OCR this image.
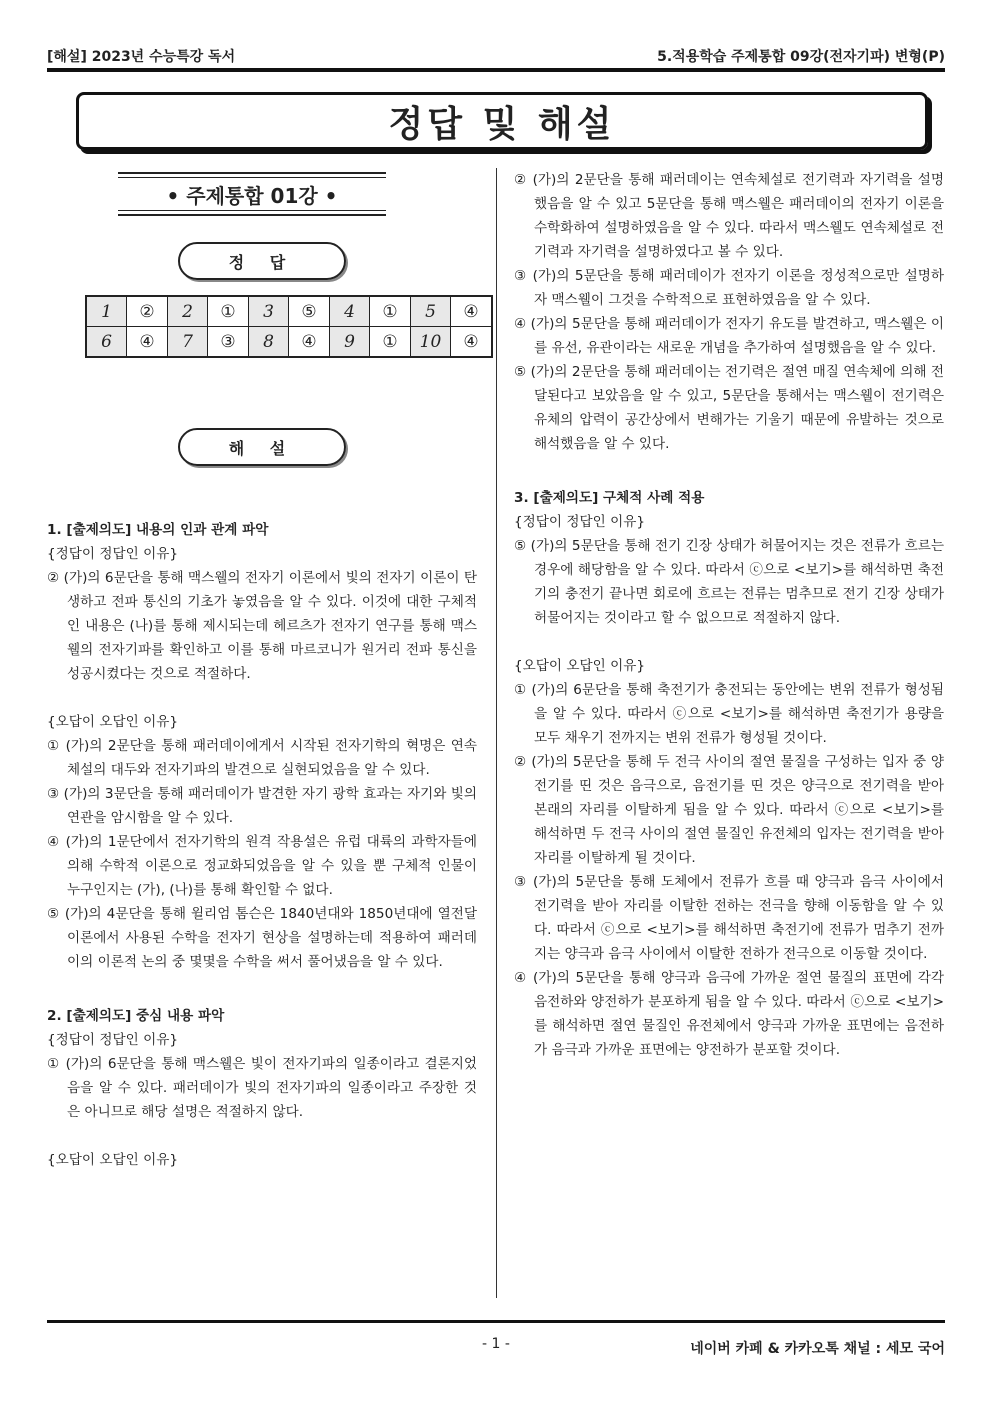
[해설] 2023년 수능특강 독서	5.적용학습 주제통합 09강(전자기파) 변형(P)
정답 및 해설
• 주제통합 01강 •
정 답
1	②	2	①	3	⑤	4	①	5	④
6	④	7	③	8	④	9	①	10	④
해 설

1. [출제의도] 내용의 인과 관계 파악

{정답이 정답인 이유}

② (가)의 6문단을 통해 맥스웰의 전자기 이론에서 빛의 전자기 이론이 탄생하고 전파 통신의 기초가 놓였음을 알 수 있다. 이것에 대한 구체적인 내용은 (나)를 통해 제시되는데 헤르츠가 전자기 연구를 통해 맥스웰의 전자기파를 확인하고 이를 통해 마르코니가 원거리 전파 통신을 성공시켰다는 것으로 적절하다.

{오답이 오답인 이유}

① (가)의 2문단을 통해 패러데이에게서 시작된 전자기학의 혁명은 연속체설의 대두와 전자기파의 발견으로 실현되었음을 알 수 있다.

③ (가)의 3문단을 통해 패러데이가 발견한 자기 광학 효과는 자기와 빛의 연관을 암시함을 알 수 있다.

④ (가)의 1문단에서 전자기학의 원격 작용설은 유럽 대륙의 과학자들에 의해 수학적 이론으로 정교화되었음을 알 수 있을 뿐 구체적 인물이 누구인지는 (가), (나)를 통해 확인할 수 없다.

⑤ (가)의 4문단을 통해 윌리엄 톰슨은 1840년대와 1850년대에 열전달 이론에서 사용된 수학을 전자기 현상을 설명하는데 적용하여 패러데이의 이론적 논의 중 몇몇을 수학을 써서 풀어냈음을 알 수 있다.

2. [출제의도] 중심 내용 파악

{정답이 정답인 이유}

① (가)의 6문단을 통해 맥스웰은 빛이 전자기파의 일종이라고 결론지었음을 알 수 있다. 패러데이가 빛의 전자기파의 일종이라고 주장한 것은 아니므로 해당 설명은 적절하지 않다.

{오답이 오답인 이유}

② (가)의 2문단을 통해 패러데이는 연속체설로 전기력과 자기력을 설명했음을 알 수 있고 5문단을 통해 맥스웰은 패러데이의 전자기 이론을 수학화하여 설명하였음을 알 수 있다. 따라서 맥스웰도 연속체설로 전기력과 자기력을 설명하였다고 볼 수 있다.

③ (가)의 5문단을 통해 패러데이가 전자기 이론을 정성적으로만 설명하자 맥스웰이 그것을 수학적으로 표현하였음을 알 수 있다.

④ (가)의 5문단을 통해 패러데이가 전자기 유도를 발견하고, 맥스웰은 이를 유선, 유관이라는 새로운 개념을 추가하여 설명했음을 알 수 있다.

⑤ (가)의 2문단을 통해 패러데이는 전기력은 절연 매질 연속체에 의해 전달된다고 보았음을 알 수 있고, 5문단을 통해서는 맥스웰이 전기력은 유체의 압력이 공간상에서 변해가는 기울기 때문에 유발하는 것으로 해석했음을 알 수 있다.

3. [출제의도] 구체적 사례 적용

{정답이 정답인 이유}

⑤ (가)의 5문단을 통해 전기 긴장 상태가 허물어지는 것은 전류가 흐르는 경우에 해당함을 알 수 있다. 따라서 ⓒ으로 <보기>를 해석하면 축전기의 충전기 끝나면 회로에 흐르는 전류는 멈추므로 전기 긴장 상태가 허물어지는 것이라고 할 수 없으므로 적절하지 않다.

{오답이 오답인 이유}

① (가)의 6문단을 통해 축전기가 충전되는 동안에는 변위 전류가 형성됨을 알 수 있다. 따라서 ⓒ으로 <보기>를 해석하면 축전기가 용량을 모두 채우기 전까지는 변위 전류가 형성될 것이다.

② (가)의 5문단을 통해 두 전극 사이의 절연 물질을 구성하는 입자 중 양전기를 띤 것은 음극으로, 음전기를 띤 것은 양극으로 전기력을 받아 본래의 자리를 이탈하게 됨을 알 수 있다. 따라서 ⓒ으로 <보기>를 해석하면 두 전극 사이의 절연 물질인 유전체의 입자는 전기력을 받아 자리를 이탈하게 될 것이다.

③ (가)의 5문단을 통해 도체에서 전류가 흐를 때 양극과 음극 사이에서 전기력을 받아 자리를 이탈한 전하는 전극을 향해 이동함을 알 수 있다. 따라서 ⓒ으로 <보기>를 해석하면 축전기에 전류가 멈추기 전까지는 양극과 음극 사이에서 이탈한 전하가 전극으로 이동할 것이다.

④ (가)의 5문단을 통해 양극과 음극에 가까운 절연 물질의 표면에 각각 음전하와 양전하가 분포하게 됨을 알 수 있다. 따라서 ⓒ으로 <보기>를 해석하면 절연 물질인 유전체에서 양극과 가까운 표면에는 음전하가 음극과 가까운 표면에는 양전하가 분포할 것이다.

- 1 -	네이버 카페 & 카카오톡 채널 : 세모 국어
